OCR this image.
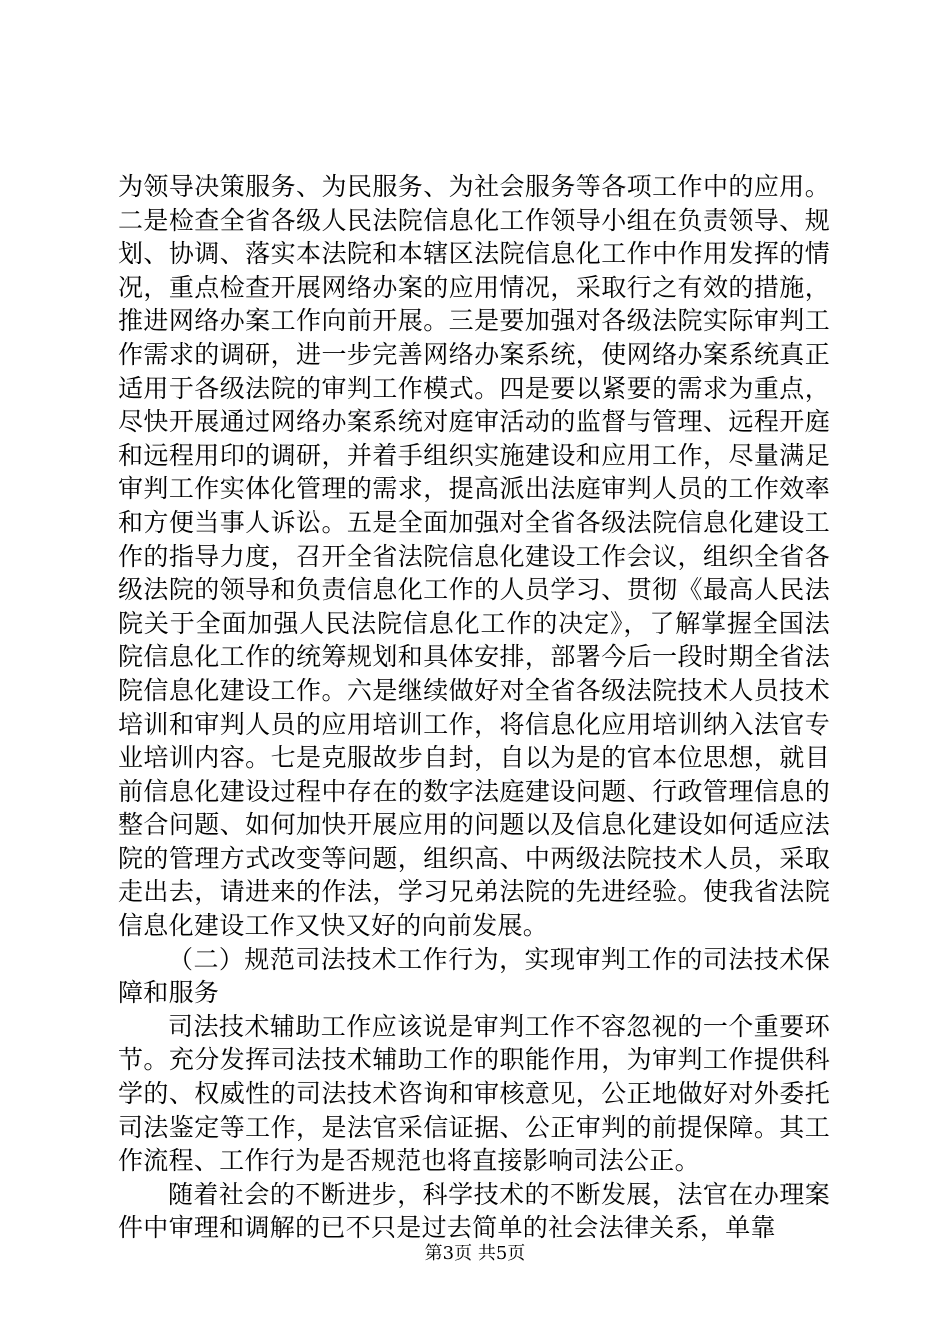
为领导决策服务、为民服务、为社会服务等各项工作中的应用。二是检查全省各级人民法院信息化工作领导小组在负责领导、规划、协调、落实本法院和本辖区法院信息化工作中作用发挥的情况，重点检查开展网络办案的应用情况，采取行之有效的措施，推进网络办案工作向前开展。三是要加强对各级法院实际审判工作需求的调研，进一步完善网络办案系统，使网络办案系统真正适用于各级法院的审判工作模式。四是要以紧要的需求为重点，尽快开展通过网络办案系统对庭审活动的监督与管理、远程开庭和远程用印的调研，并着手组织实施建设和应用工作，尽量满足审判工作实体化管理的需求，提高派出法庭审判人员的工作效率和方便当事人诉讼。五是全面加强对全省各级法院信息化建设工作的指导力度，召开全省法院信息化建设工作会议，组织全省各级法院的领导和负责信息化工作的人员学习、贯彻《最高人民法院关于全面加强人民法院信息化工作的决定》，了解掌握全国法院信息化工作的统筹规划和具体安排，部署今后一段时期全省法院信息化建设工作。六是继续做好对全省各级法院技术人员技术培训和审判人员的应用培训工作，将信息化应用培训纳入法官专业培训内容。七是克服故步自封，自以为是的官本位思想，就目前信息化建设过程中存在的数字法庭建设问题、行政管理信息的整合问题、如何加快开展应用的问题以及信息化建设如何适应法院的管理方式改变等问题，组织高、中两级法院技术人员，采取走出去，请进来的作法，学习兄弟法院的先进经验。使我省法院信息化建设工作又快又好的向前发展。

（二）规范司法技术工作行为，实现审判工作的司法技术保障和服务

司法技术辅助工作应该说是审判工作不容忽视的一个重要环节。充分发挥司法技术辅助工作的职能作用，为审判工作提供科学的、权威性的司法技术咨询和审核意见，公正地做好对外委托司法鉴定等工作，是法官采信证据、公正审判的前提保障。其工作流程、工作行为是否规范也将直接影响司法公正。

随着社会的不断进步，科学技术的不断发展，法官在办理案件中审理和调解的已不只是过去简单的社会法律关系，单靠

第3页 共5页
